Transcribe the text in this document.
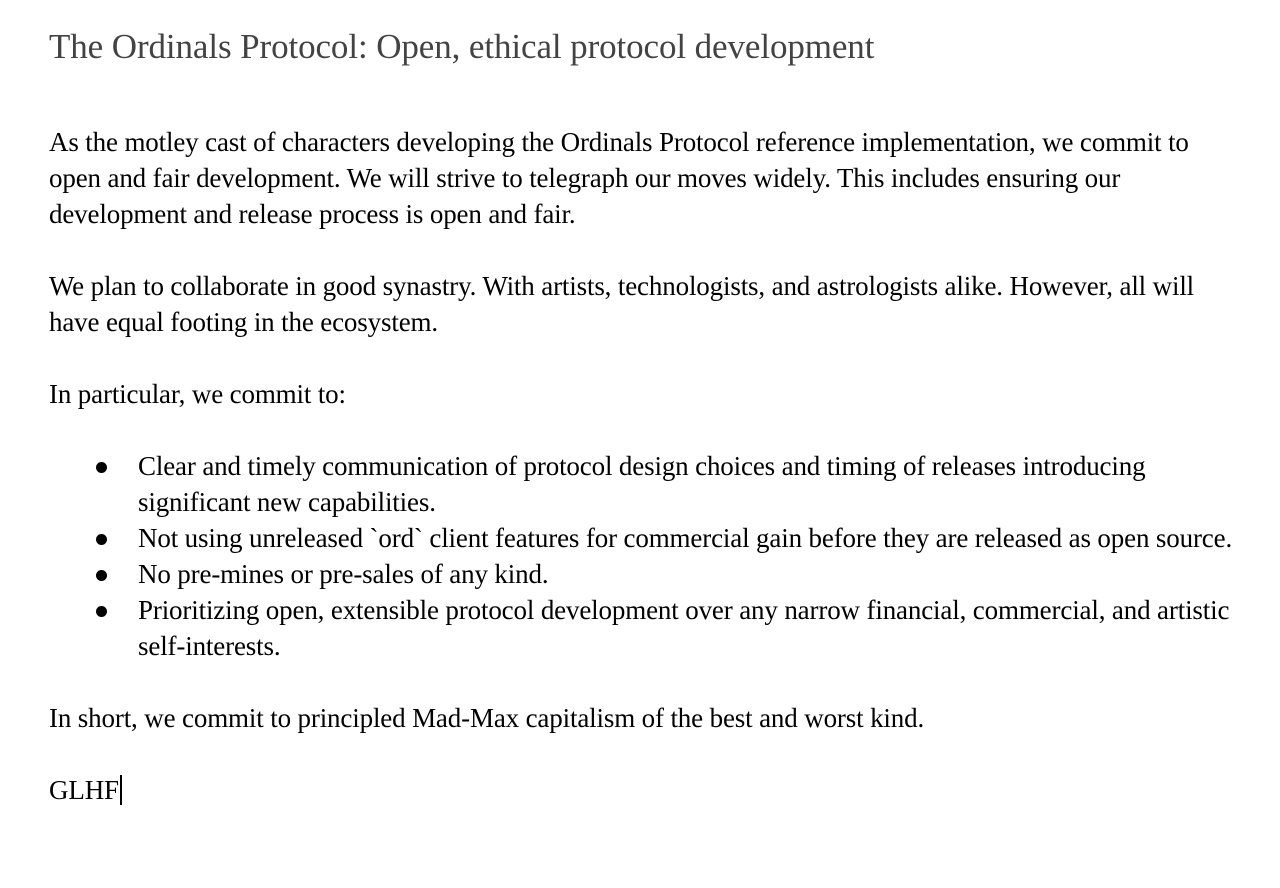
The Ordinals Protocol: Open, ethical protocol development

As the motley cast of characters developing the Ordinals Protocol reference implementation, we commit to open and fair development. We will strive to telegraph our moves widely. This includes ensuring our development and release process is open and fair.

We plan to collaborate in good synastry. With artists, technologists, and astrologists alike. However, all will have equal footing in the ecosystem.

In particular, we commit to:

Clear and timely communication of protocol design choices and timing of releases introducing significant new capabilities.
Not using unreleased `ord` client features for commercial gain before they are released as open source.
No pre-mines or pre-sales of any kind.
Prioritizing open, extensible protocol development over any narrow financial, commercial, and artistic self-interests.

In short, we commit to principled Mad-Max capitalism of the best and worst kind.

GLHF
